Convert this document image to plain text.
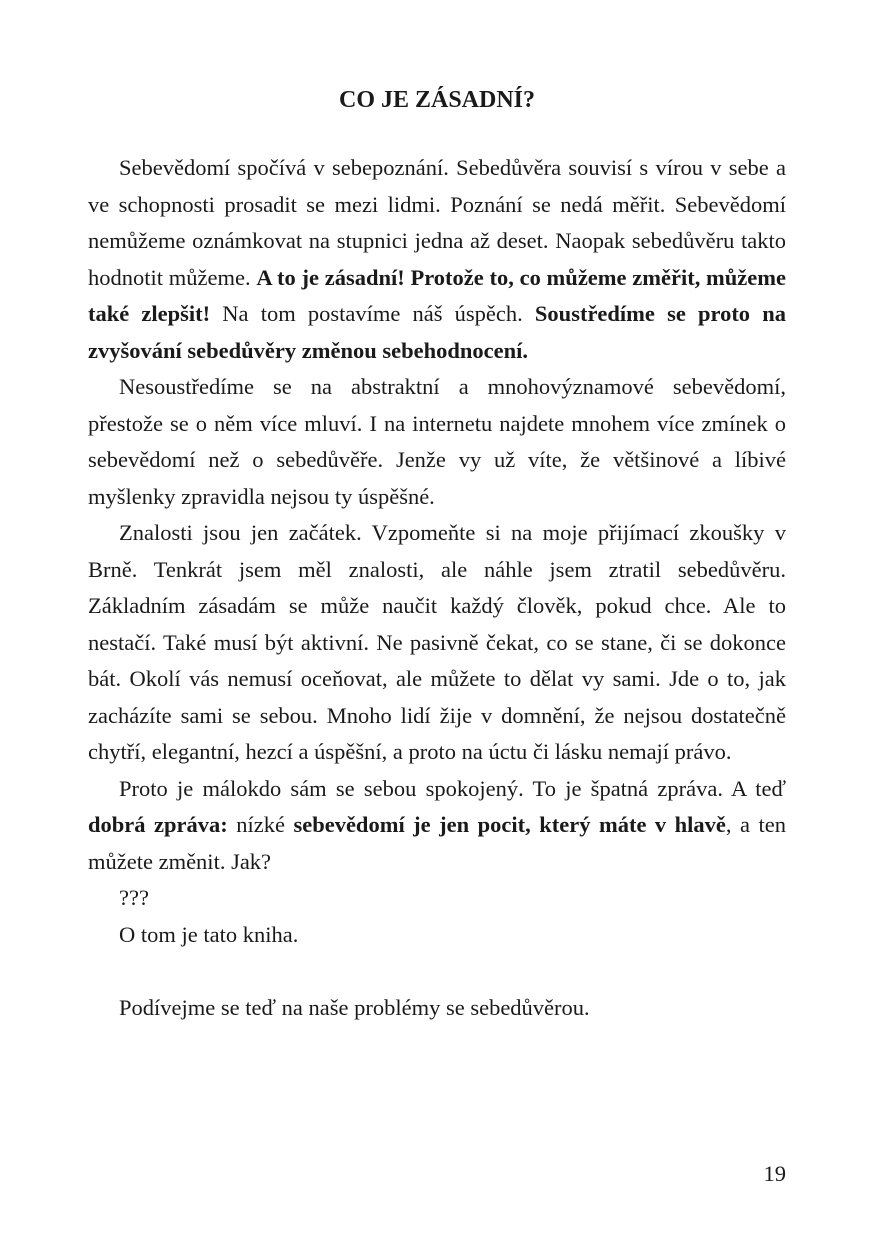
CO JE ZÁSADNÍ?

Sebevědomí spočívá v sebepoznání. Sebedůvěra souvisí s vírou v sebe a ve schopnosti prosadit se mezi lidmi. Poznání se nedá měřit. Sebevědomí nemůžeme oznámkovat na stupnici jedna až deset. Naopak sebedůvěru takto hodnotit můžeme. A to je zásadní! Protože to, co můžeme změřit, můžeme také zlepšit! Na tom postavíme náš úspěch. Soustředíme se proto na zvyšování sebedůvěry změnou sebehodnocení.

Nesoustředíme se na abstraktní a mnohovýznamové sebevědomí, přestože se o něm více mluví. I na internetu najdete mnohem více zmínek o sebevědomí než o sebedůvěře. Jenže vy už víte, že většinové a líbivé myšlenky zpravidla nejsou ty úspěšné.

Znalosti jsou jen začátek. Vzpomeňte si na moje přijímací zkoušky v Brně. Tenkrát jsem měl znalosti, ale náhle jsem ztratil sebedůvěru. Základním zásadám se může naučit každý člověk, pokud chce. Ale to nestačí. Také musí být aktivní. Ne pasivně čekat, co se stane, či se dokonce bát. Okolí vás nemusí oceňovat, ale můžete to dělat vy sami. Jde o to, jak zacházíte sami se sebou. Mnoho lidí žije v domnění, že nejsou dostatečně chytří, elegantní, hezcí a úspěšní, a proto na úctu či lásku nemají právo.

Proto je málokdo sám se sebou spokojený. To je špatná zpráva. A teď dobrá zpráva: nízké sebevědomí je jen pocit, který máte v hlavě, a ten můžete změnit. Jak?

???

O tom je tato kniha.

Podívejme se teď na naše problémy se sebedůvěrou.

19
